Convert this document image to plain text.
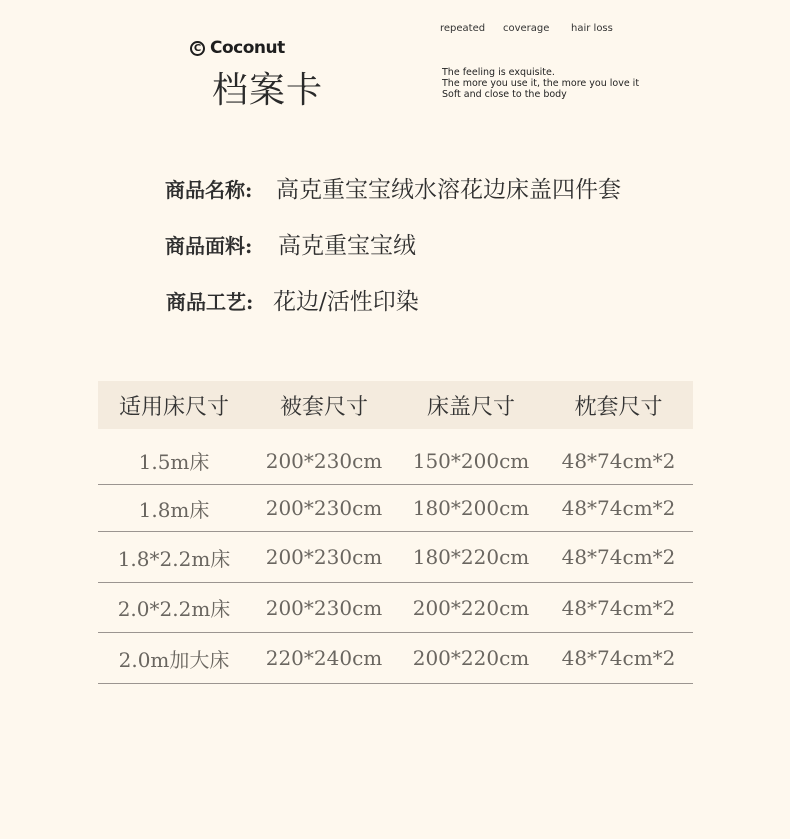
C Coconut
档案卡
repeated coverage hair loss
The feeling is exquisite.
The more you use it, the more you love it
Soft and close to the body
商品名称:	高克重宝宝绒水溶花边床盖四件套
商品面料:	高克重宝宝绒
商品工艺: 花边/活性印染
适用床尺寸	被套尺寸	床盖尺寸	枕套尺寸
1.5m床	200*230cm	150*200cm	48*74cm*2
1.8m床	200*230cm	180*200cm	48*74cm*2
1.8*2.2m床	200*230cm	180*220cm	48*74cm*2
2.0*2.2m床	200*230cm	200*220cm	48*74cm*2
2.0m加大床	220*240cm	200*220cm	48*74cm*2
